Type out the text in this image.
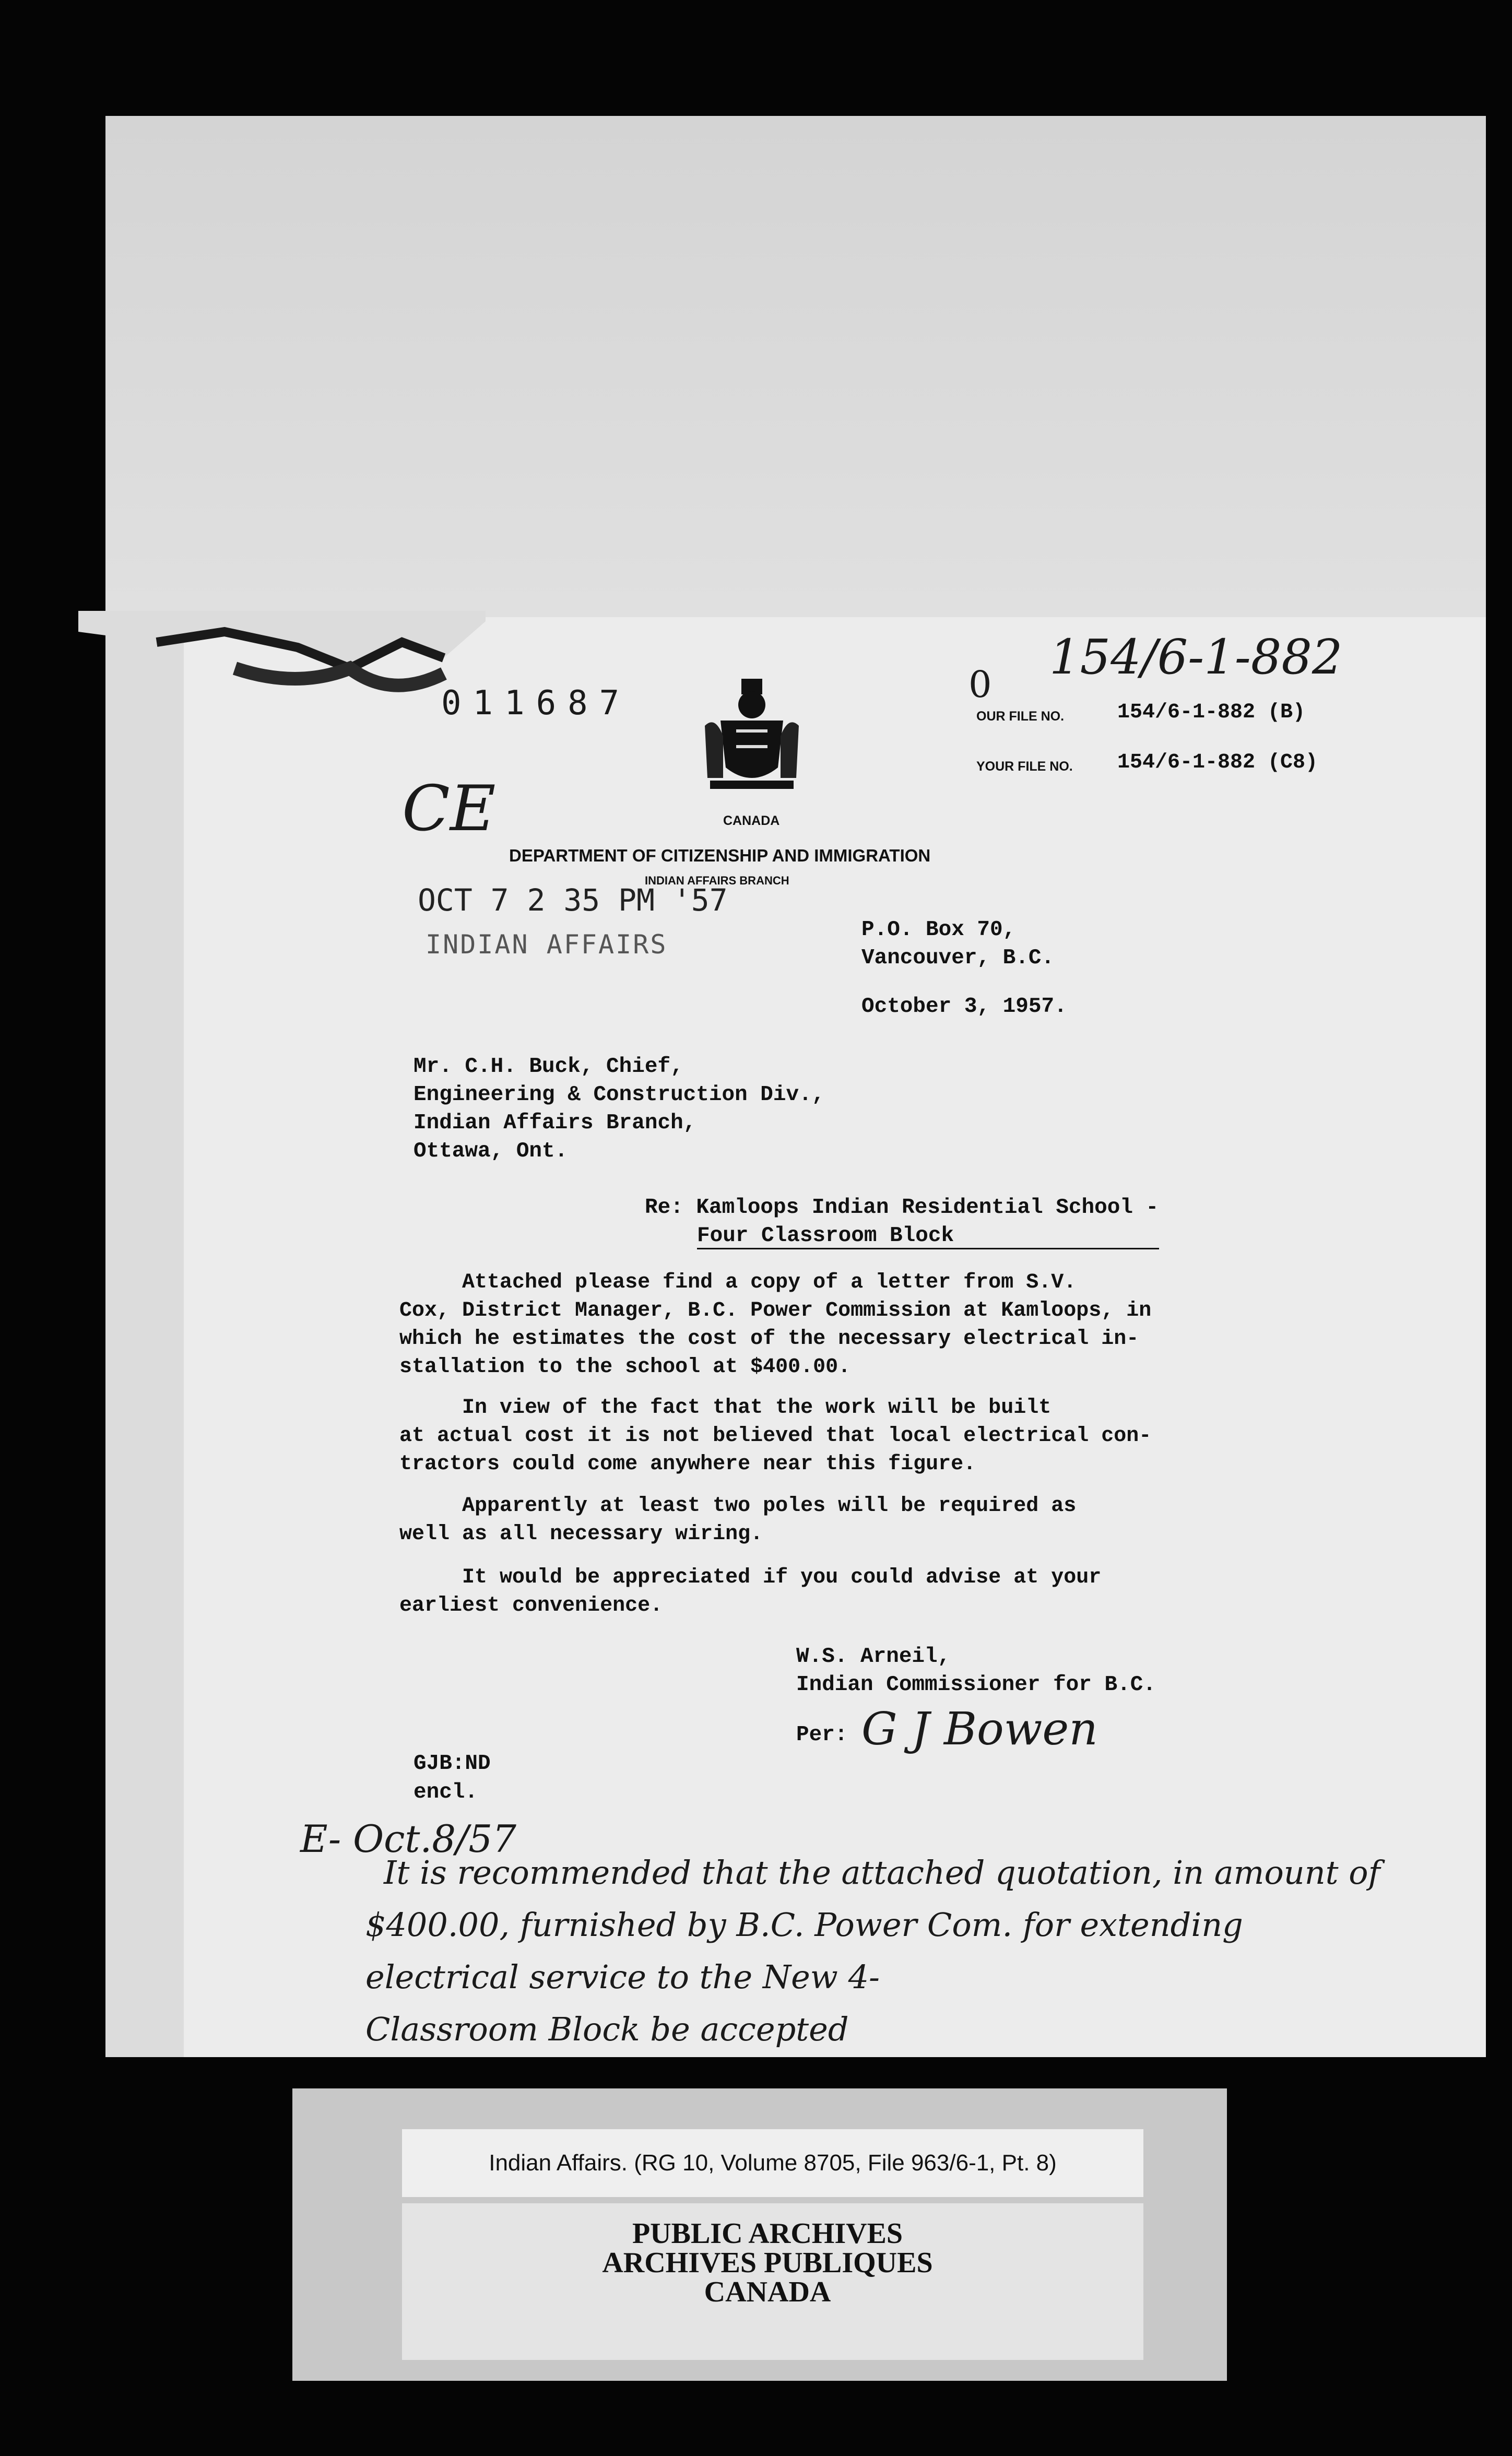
154/6-1-882
0
011687
CANADA
OUR FILE NO.	154/6-1-882 (B)
YOUR FILE NO. 154/6-1-882 (C8)
CE
DEPARTMENT OF CITIZENSHIP AND IMMIGRATION
INDIAN AFFAIRS BRANCH
OCT 7 2 35 PM '57
INDIAN AFFAIRS	P.O. Box 70,
Vancouver, B.C.
October 3, 1957.
Mr. C.H. Buck, Chief,
Engineering & Construction Div.,
Indian Affairs Branch,
Ottawa, Ont.
Re: Kamloops Indian Residential School -
Four Classroom Block
Attached please find a copy of a letter from S.V.
Cox, District Manager, B.C. Power Commission at Kamloops, in
which he estimates the cost of the necessary electrical in-
stallation to the school at $400.00.
In view of the fact that the work will be built
at actual cost it is not believed that local electrical con-
tractors could come anywhere near this figure.
Apparently at least two poles will be required as
well as all necessary wiring.
It would be appreciated if you could advise at your
earliest convenience.
W.S. Arneil,
Indian Commissioner for B.C.
Per: G J Bowen
GJB:ND
encl.
E- Oct.8/57
It is recommended that the attached quotation, in amount of
$400.00, furnished by B.C. Power Com. for extending
electrical service to the New 4-
Classroom Block be accepted
Indian Affairs. (RG 10, Volume 8705, File 963/6-1, Pt. 8)
PUBLIC ARCHIVES
ARCHIVES PUBLIQUES
CANADA
